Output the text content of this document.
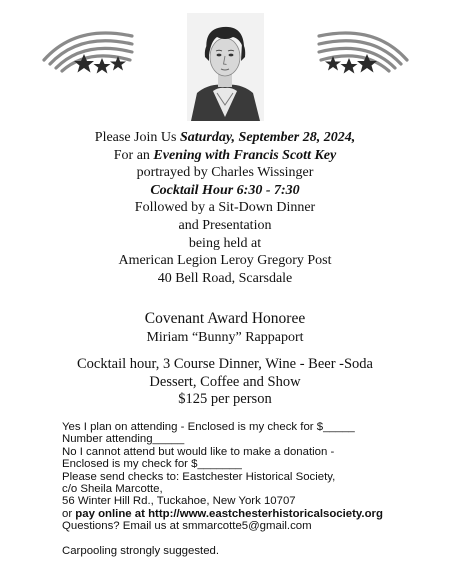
Please Join Us Saturday, September 28, 2024,
For an Evening with Francis Scott Key
portrayed by Charles Wissinger
Cocktail Hour 6:30 - 7:30
Followed by a Sit-Down Dinner
and Presentation
being held at
American Legion Leroy Gregory Post
40 Bell Road, Scarsdale
Covenant Award Honoree
Miriam “Bunny” Rappaport
Cocktail hour, 3 Course Dinner, Wine - Beer -Soda
Dessert, Coffee and Show
$125 per person
Yes I plan on attending - Enclosed is my check for $_____
Number attending_____
No I cannot attend but would like to make a donation -
Enclosed is my check for $_______
Please send checks to: Eastchester Historical Society,
c/o Sheila Marcotte,
56 Winter Hill Rd., Tuckahoe, New York 10707
or pay online at http://www.eastchesterhistoricalsociety.org
Questions? Email us at smmarcotte5@gmail.com
Carpooling strongly suggested.
